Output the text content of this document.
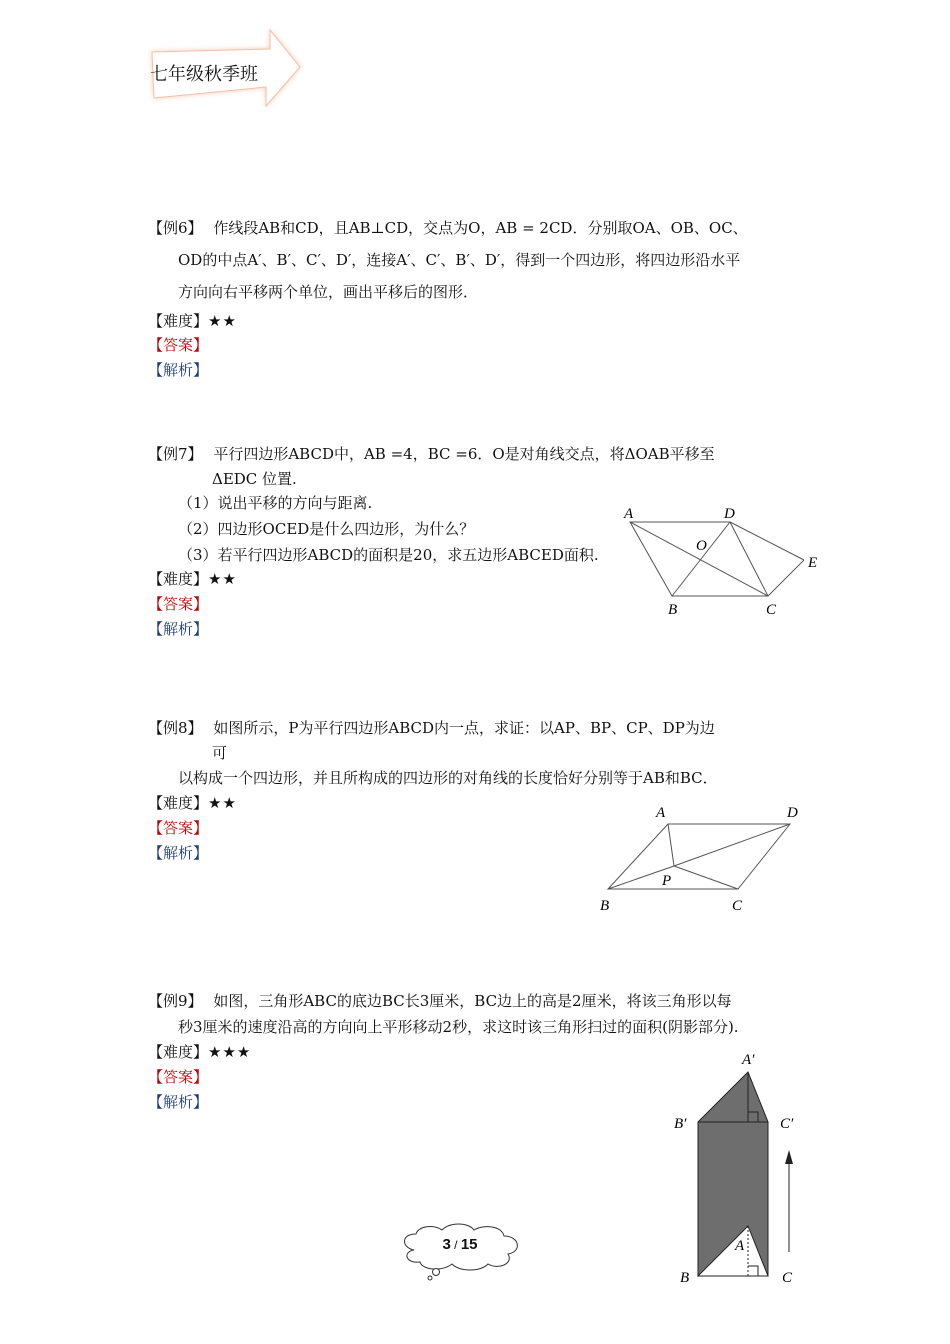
七年级秋季班
【例6】 作线段AB和CD，且AB⊥CD，交点为O，AB = 2CD．分别取OA、OB、OC、
OD的中点A′、B′、C′、D′，连接A′、C′、B′、D′，得到一个四边形，将四边形沿水平
方向向右平移两个单位，画出平移后的图形．
【难度】★★
【答案】
【解析】
【例7】 平行四边形ABCD中，AB =4，BC =6．O是对角线交点，将ΔOAB平移至
ΔEDC 位置.
（1）说出平移的方向与距离.
（2）四边形OCED是什么四边形，为什么？
（3）若平行四边形ABCD的面积是20，求五边形ABCED面积.
【难度】★★
【答案】
【解析】
A	D
O
E
B	C
【例8】 如图所示，P为平行四边形ABCD内一点，求证：以AP、BP、CP、DP为边
可
以构成一个四边形，并且所构成的四边形的对角线的长度恰好分别等于AB和BC．
【难度】★★
【答案】
【解析】
A	D
P
B	C
【例9】 如图，三角形ABC的底边BC长3厘米，BC边上的高是2厘米，将该三角形以每
秒3厘米的速度沿高的方向向上平形移动2秒，求这时该三角形扫过的面积(阴影部分).
【难度】★★★
【答案】
【解析】
A′
B′	C′
A
B	C
3 / 15
